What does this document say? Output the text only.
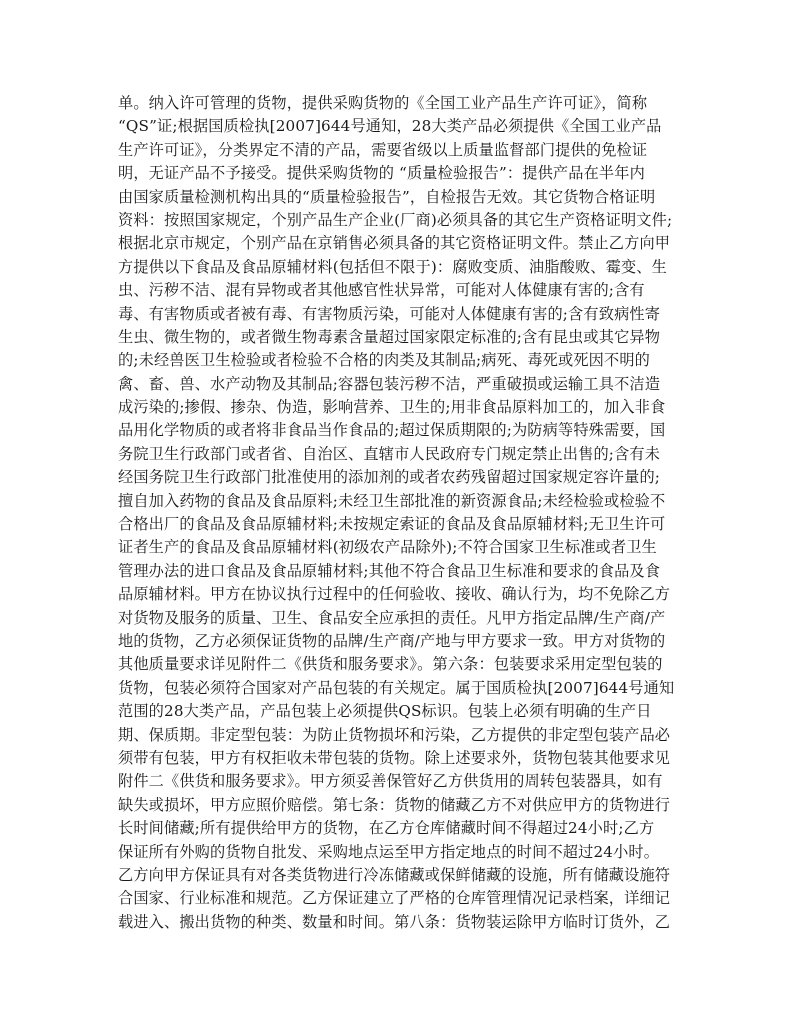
单。纳入许可管理的货物，提供采购货物的《全国工业产品生产许可证》，简称
“QS”证;根据国质检执[2007]644号通知，28大类产品必须提供《全国工业产品
生产许可证》，分类界定不清的产品，需要省级以上质量监督部门提供的免检证
明，无证产品不予接受。提供采购货物的 “质量检验报告”：提供产品在半年内
由国家质量检测机构出具的“质量检验报告”，自检报告无效。其它货物合格证明
资料：按照国家规定，个别产品生产企业(厂商)必须具备的其它生产资格证明文件;
根据北京市规定，个别产品在京销售必须具备的其它资格证明文件。禁止乙方向甲
方提供以下食品及食品原辅材料(包括但不限于)：腐败变质、油脂酸败、霉变、生
虫、污秽不洁、混有异物或者其他感官性状异常，可能对人体健康有害的;含有
毒、有害物质或者被有毒、有害物质污染，可能对人体健康有害的;含有致病性寄
生虫、微生物的，或者微生物毒素含量超过国家限定标准的;含有昆虫或其它异物
的;未经兽医卫生检验或者检验不合格的肉类及其制品;病死、毒死或死因不明的
禽、畜、兽、水产动物及其制品;容器包装污秽不洁，严重破损或运输工具不洁造
成污染的;掺假、掺杂、伪造，影响营养、卫生的;用非食品原料加工的，加入非食
品用化学物质的或者将非食品当作食品的;超过保质期限的;为防病等特殊需要，国
务院卫生行政部门或者省、自治区、直辖市人民政府专门规定禁止出售的;含有未
经国务院卫生行政部门批准使用的添加剂的或者农药残留超过国家规定容许量的;
擅自加入药物的食品及食品原料;未经卫生部批准的新资源食品;未经检验或检验不
合格出厂的食品及食品原辅材料;未按规定索证的食品及食品原辅材料;无卫生许可
证者生产的食品及食品原辅材料(初级农产品除外);不符合国家卫生标准或者卫生
管理办法的进口食品及食品原辅材料;其他不符合食品卫生标准和要求的食品及食
品原辅材料。甲方在协议执行过程中的任何验收、接收、确认行为，均不免除乙方
对货物及服务的质量、卫生、食品安全应承担的责任。凡甲方指定品牌/生产商/产
地的货物，乙方必须保证货物的品牌/生产商/产地与甲方要求一致。甲方对货物的
其他质量要求详见附件二《供货和服务要求》。第六条：包装要求采用定型包装的
货物，包装必须符合国家对产品包装的有关规定。属于国质检执[2007]644号通知
范围的28大类产品，产品包装上必须提供QS标识。包装上必须有明确的生产日
期、保质期。非定型包装：为防止货物损坏和污染，乙方提供的非定型包装产品必
须带有包装，甲方有权拒收未带包装的货物。除上述要求外，货物包装其他要求见
附件二《供货和服务要求》。甲方须妥善保管好乙方供货用的周转包装器具，如有
缺失或损坏，甲方应照价赔偿。第七条：货物的储藏乙方不对供应甲方的货物进行
长时间储藏;所有提供给甲方的货物，在乙方仓库储藏时间不得超过24小时;乙方
保证所有外购的货物自批发、采购地点运至甲方指定地点的时间不超过24小时。
乙方向甲方保证具有对各类货物进行冷冻储藏或保鲜储藏的设施，所有储藏设施符
合国家、行业标准和规范。乙方保证建立了严格的仓库管理情况记录档案，详细记
载进入、搬出货物的种类、数量和时间。第八条：货物装运除甲方临时订货外，乙
